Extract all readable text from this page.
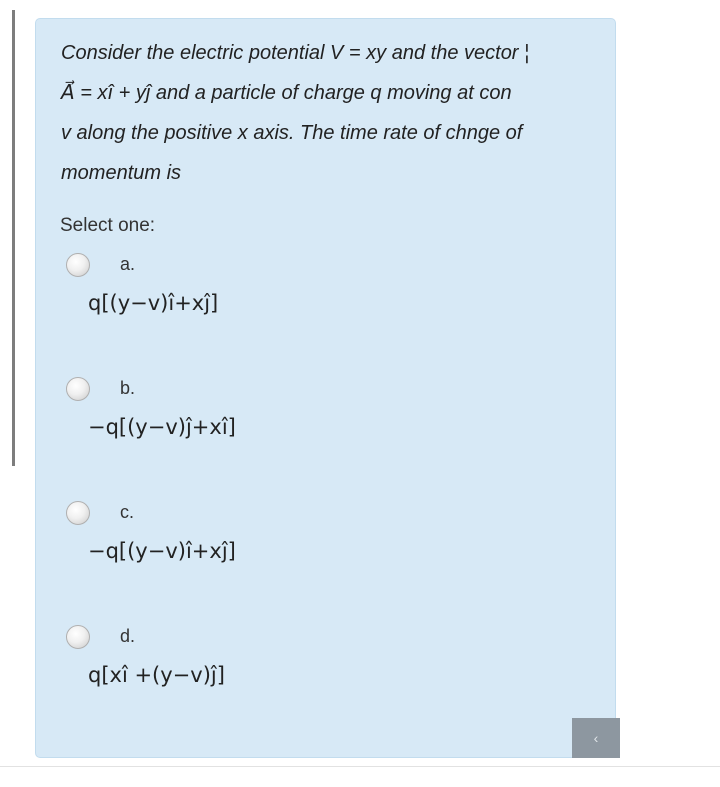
Consider the electric potential V = xy and the vector ¦
A⃗ = xî + yĵ and a particle of charge q moving at con
v along the positive x axis. The time rate of chnge of
momentum is
Select one:
a.
q[(y−v)î+xĵ]
b.
−q[(y−v)ĵ+xî]
c.
−q[(y−v)î+xĵ]
d.
q[xî +(y−v)ĵ]
‹
